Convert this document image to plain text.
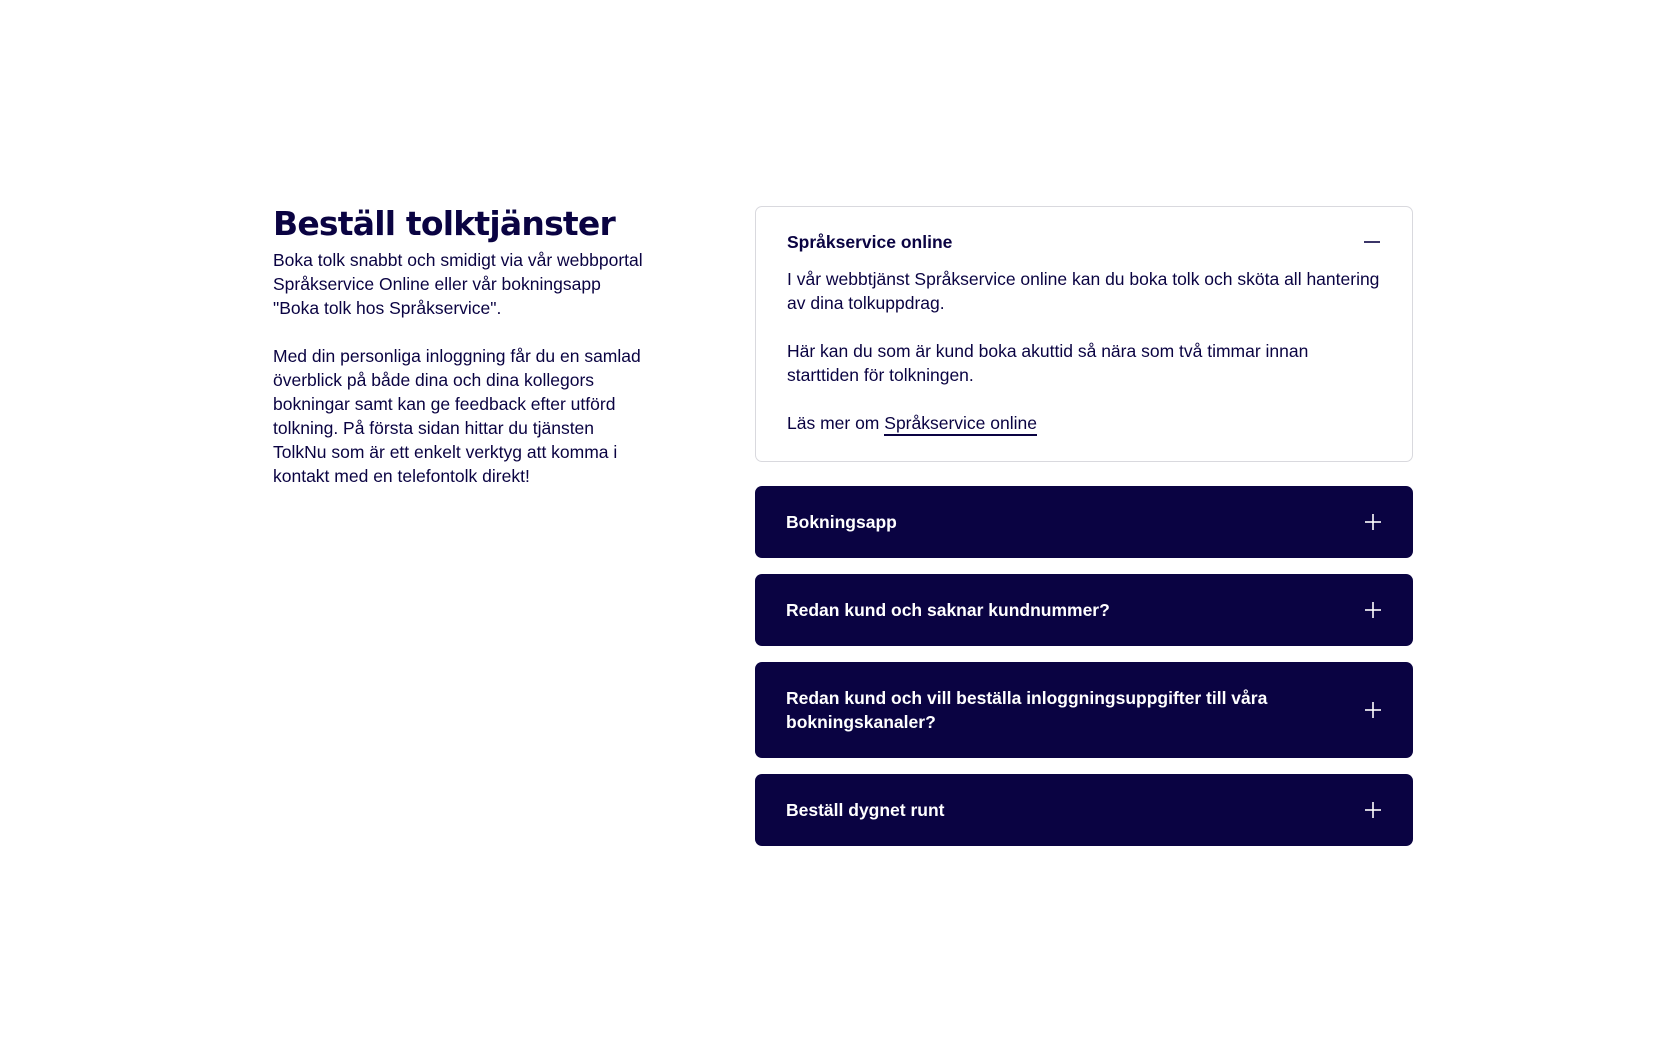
Beställ tolktjänster

Boka tolk snabbt och smidigt via vår webbportal Språkservice Online eller vår bokningsapp "Boka tolk hos Språkservice".

Med din personliga inloggning får du en samlad överblick på både dina och dina kollegors bokningar samt kan ge feedback efter utförd tolkning. På första sidan hittar du tjänsten TolkNu som är ett enkelt verktyg att komma i kontakt med en telefontolk direkt!

Språkservice online

I vår webbtjänst Språkservice online kan du boka tolk och sköta all hantering av dina tolkuppdrag.

Här kan du som är kund boka akuttid så nära som två timmar innan starttiden för tolkningen.

Läs mer om Språkservice online

Bokningsapp
Redan kund och saknar kundnummer?
Redan kund och vill beställa inloggningsuppgifter till våra bokningskanaler?
Beställ dygnet runt
